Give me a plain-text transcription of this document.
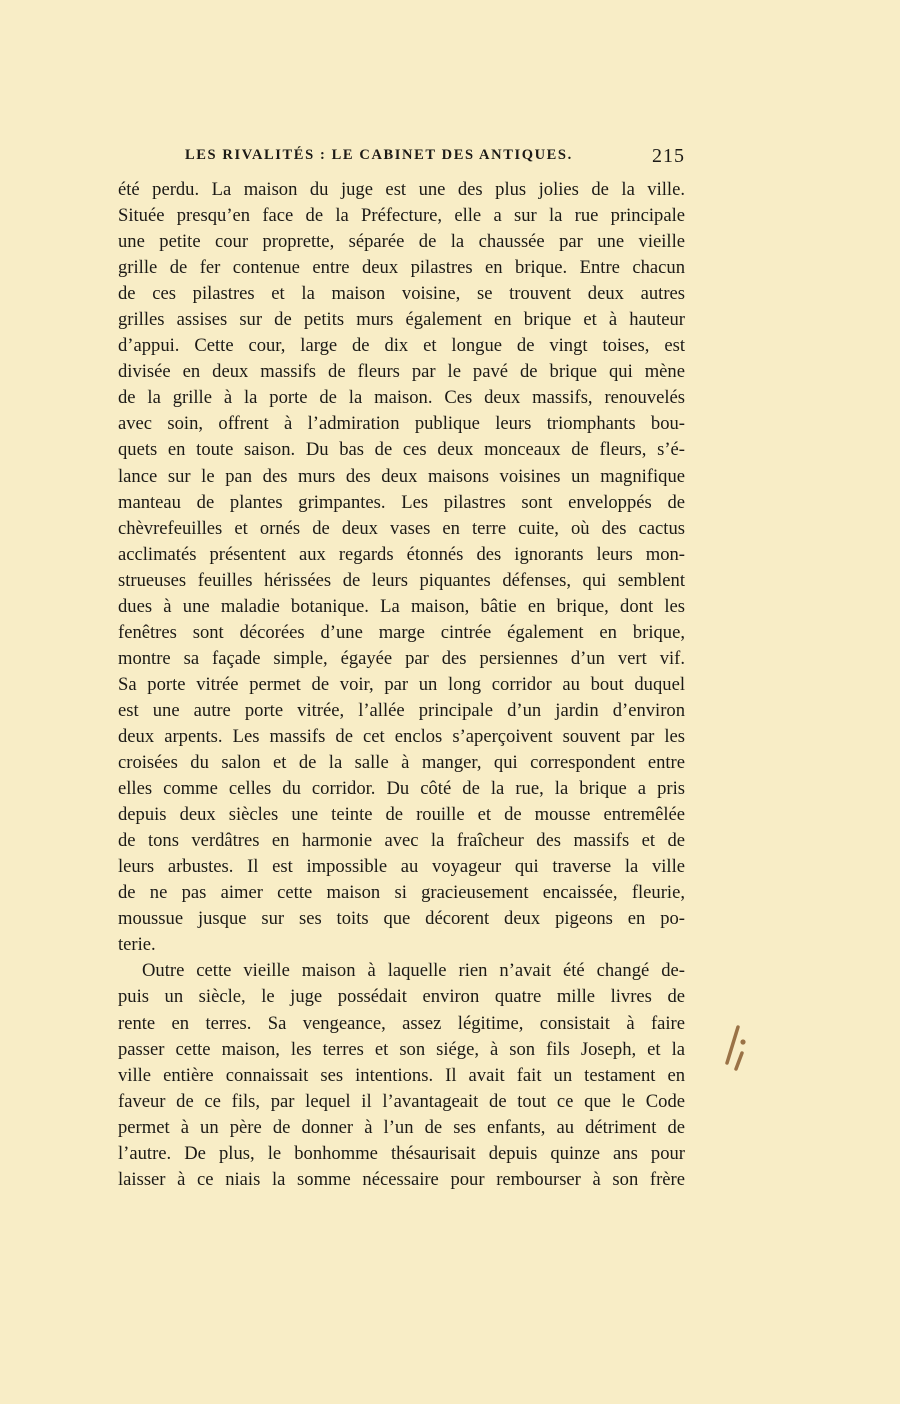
LES RIVALITÉS : LE CABINET DES ANTIQUES.	215
été perdu. La maison du juge est une des plus jolies de la ville.
Située presqu’en face de la Préfecture, elle a sur la rue principale
une petite cour proprette, séparée de la chaussée par une vieille
grille de fer contenue entre deux pilastres en brique. Entre chacun
de ces pilastres et la maison voisine, se trouvent deux autres
grilles assises sur de petits murs également en brique et à hauteur
d’appui. Cette cour, large de dix et longue de vingt toises, est
divisée en deux massifs de fleurs par le pavé de brique qui mène
de la grille à la porte de la maison. Ces deux massifs, renouvelés
avec soin, offrent à l’admiration publique leurs triomphants bou-
quets en toute saison. Du bas de ces deux monceaux de fleurs, s’é-
lance sur le pan des murs des deux maisons voisines un magnifique
manteau de plantes grimpantes. Les pilastres sont enveloppés de
chèvrefeuilles et ornés de deux vases en terre cuite, où des cactus
acclimatés présentent aux regards étonnés des ignorants leurs mon-
strueuses feuilles hérissées de leurs piquantes défenses, qui semblent
dues à une maladie botanique. La maison, bâtie en brique, dont les
fenêtres sont décorées d’une marge cintrée également en brique,
montre sa façade simple, égayée par des persiennes d’un vert vif.
Sa porte vitrée permet de voir, par un long corridor au bout duquel
est une autre porte vitrée, l’allée principale d’un jardin d’environ
deux arpents. Les massifs de cet enclos s’aperçoivent souvent par les
croisées du salon et de la salle à manger, qui correspondent entre
elles comme celles du corridor. Du côté de la rue, la brique a pris
depuis deux siècles une teinte de rouille et de mousse entremêlée
de tons verdâtres en harmonie avec la fraîcheur des massifs et de
leurs arbustes. Il est impossible au voyageur qui traverse la ville
de ne pas aimer cette maison si gracieusement encaissée, fleurie,
moussue jusque sur ses toits que décorent deux pigeons en po-
terie.
Outre cette vieille maison à laquelle rien n’avait été changé de-
puis un siècle, le juge possédait environ quatre mille livres de
rente en terres. Sa vengeance, assez légitime, consistait à faire
passer cette maison, les terres et son siége, à son fils Joseph, et la
ville entière connaissait ses intentions. Il avait fait un testament en
faveur de ce fils, par lequel il l’avantageait de tout ce que le Code
permet à un père de donner à l’un de ses enfants, au détriment de
l’autre. De plus, le bonhomme thésaurisait depuis quinze ans pour
laisser à ce niais la somme nécessaire pour rembourser à son frère
